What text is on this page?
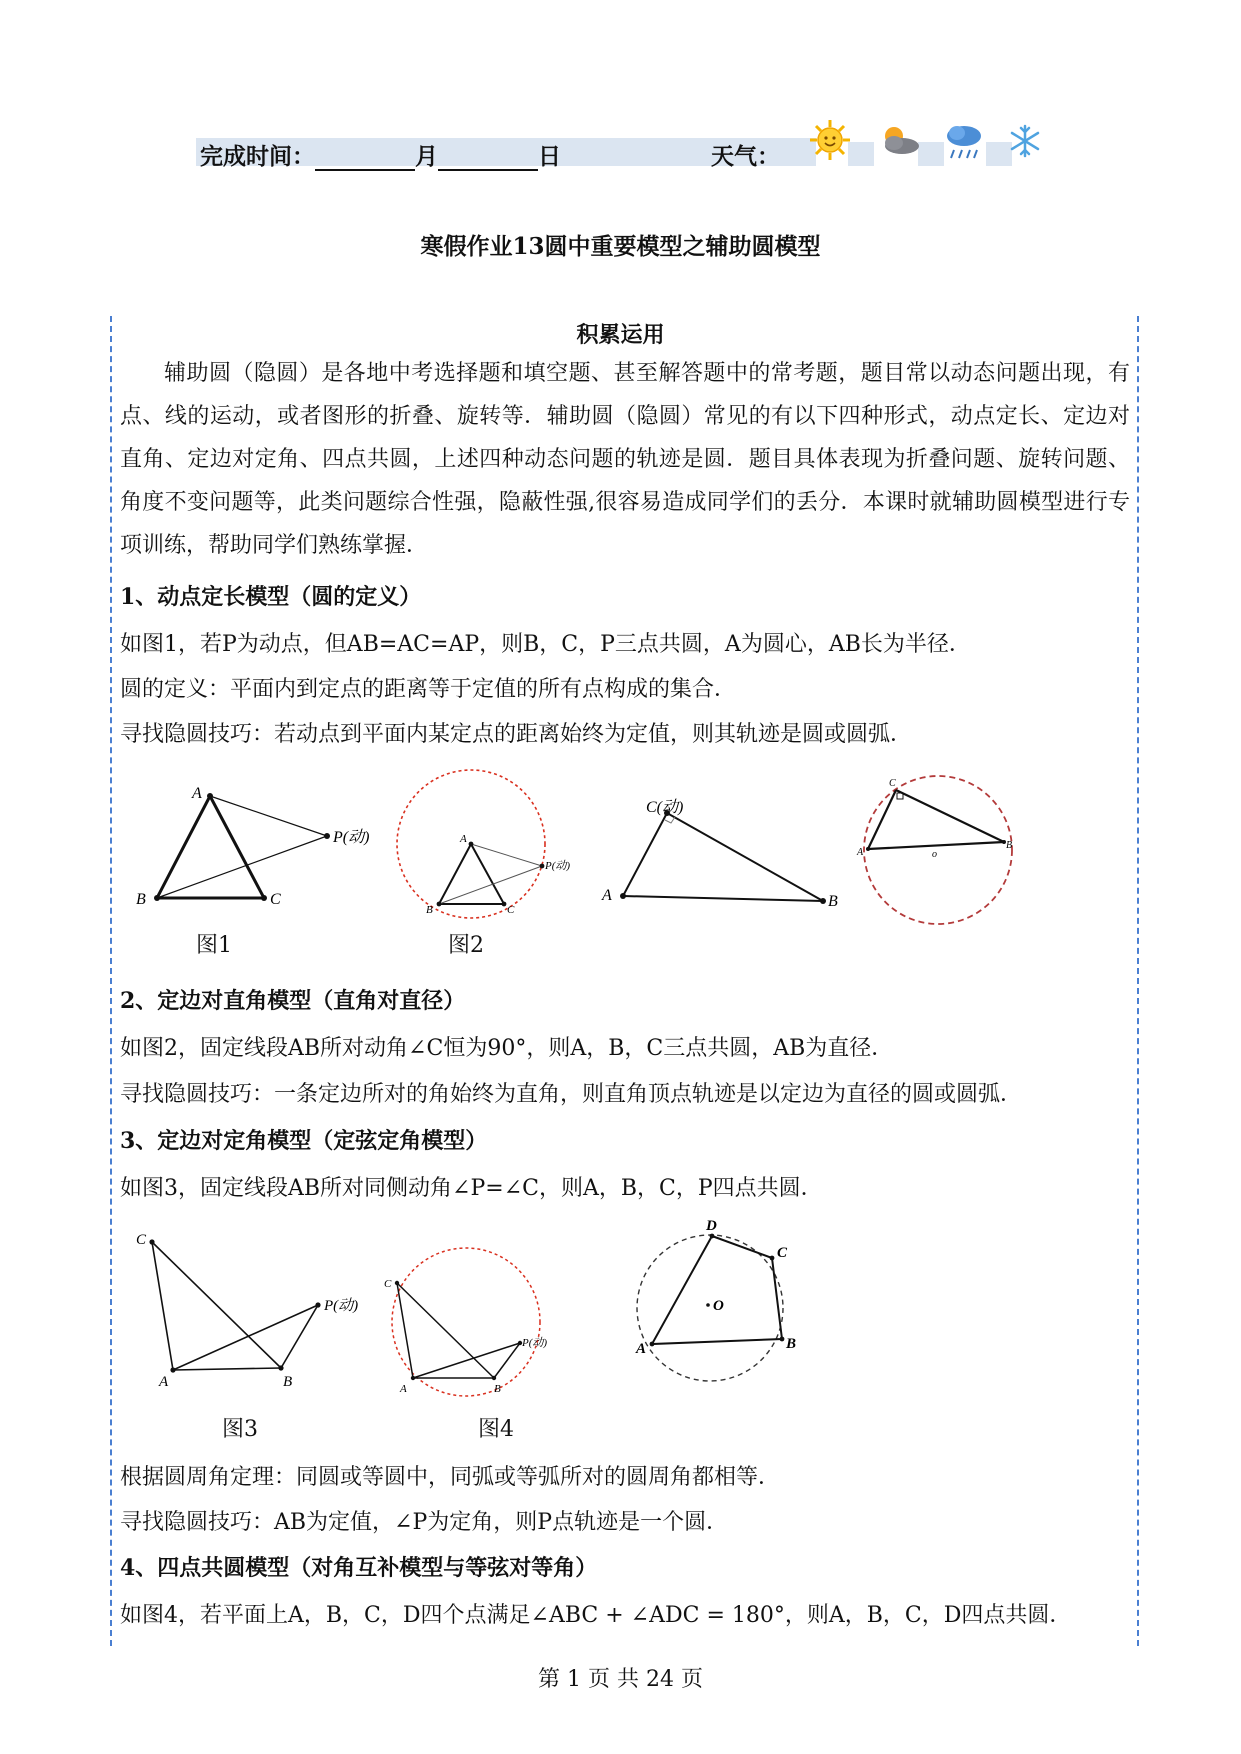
完成时间：	月	日	天气：
寒假作业13圆中重要模型之辅助圆模型
积累运用
辅助圆（隐圆）是各地中考选择题和填空题、甚至解答题中的常考题，题目常以动态问题出现，有点、线的运动，或者图形的折叠、旋转等．辅助圆（隐圆）常见的有以下四种形式，动点定长、定边对直角、定边对定角、四点共圆，上述四种动态问题的轨迹是圆．题目具体表现为折叠问题、旋转问题、角度不变问题等，此类问题综合性强，隐蔽性强,很容易造成同学们的丢分．本课时就辅助圆模型进行专项训练，帮助同学们熟练掌握．
1、动点定长模型（圆的定义）
如图1，若P为动点，但AB=AC=AP，则B，C，P三点共圆，A为圆心，AB长为半径．
圆的定义：平面内到定点的距离等于定值的所有点构成的集合．
寻找隐圆技巧：若动点到平面内某定点的距离始终为定值，则其轨迹是圆或圆弧．
A
B	C
P(动)
图1
A
B	C
P(动)
图2
C(动)
A	B
C
A
B
o
2、定边对直角模型（直角对直径）
如图2，固定线段AB所对动角∠C恒为90°，则A，B，C三点共圆，AB为直径．
寻找隐圆技巧：一条定边所对的角始终为直角，则直角顶点轨迹是以定边为直径的圆或圆弧．
3、定边对定角模型（定弦定角模型）
如图3，固定线段AB所对同侧动角∠P=∠C，则A，B，C，P四点共圆．
C
A	B
P(动)
图3
C
A	B
P(动)
图4
D
C
B
A
O
根据圆周角定理：同圆或等圆中，同弧或等弧所对的圆周角都相等．
寻找隐圆技巧：AB为定值，∠P为定角，则P点轨迹是一个圆．
4、四点共圆模型（对角互补模型与等弦对等角）
如图4，若平面上A，B，C，D四个点满足∠ABC + ∠ADC = 180°，则A，B，C，D四点共圆．
第 1 页 共 24 页
